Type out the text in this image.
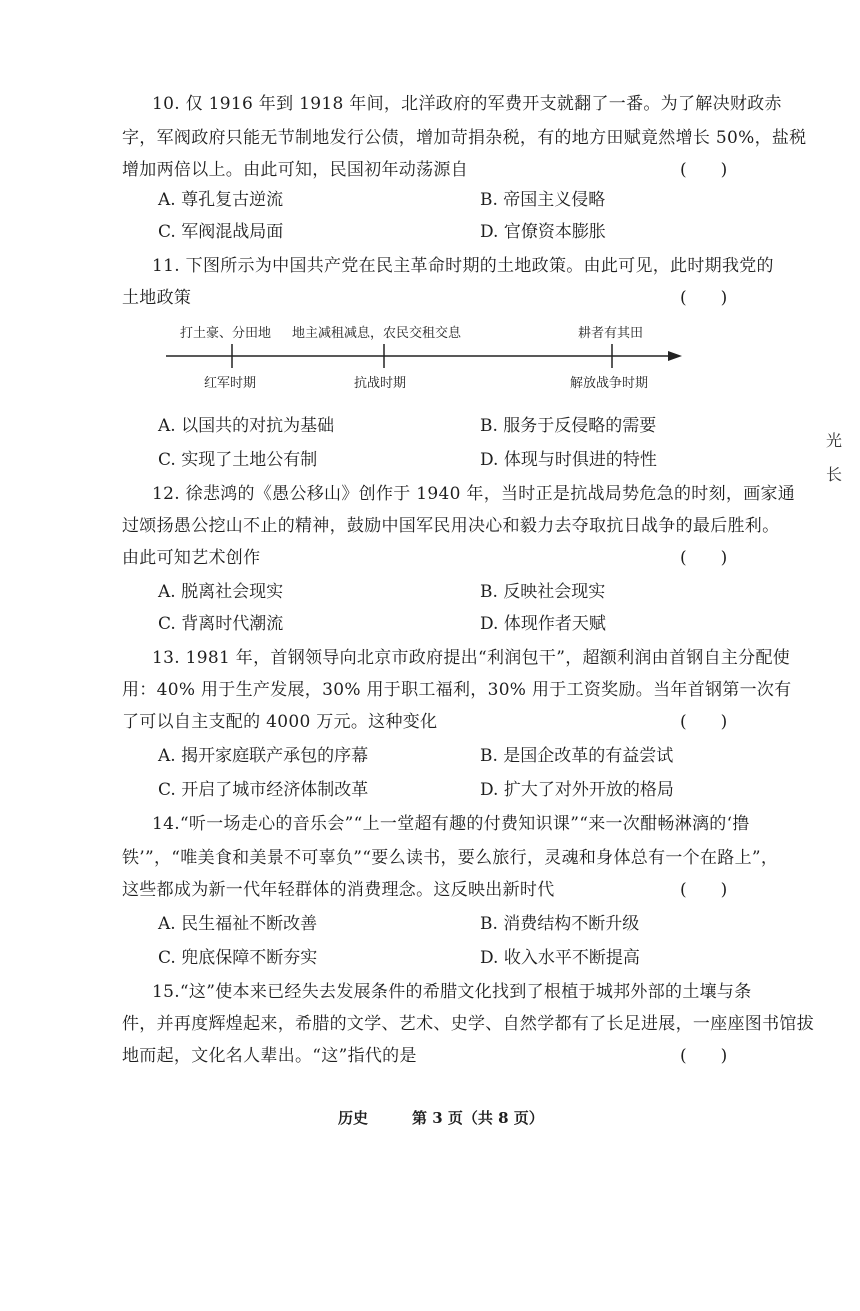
10. 仅 1916 年到 1918 年间，北洋政府的军费开支就翻了一番。为了解决财政赤
字，军阀政府只能无节制地发行公债，增加苛捐杂税，有的地方田赋竟然增长 50%，盐税
增加两倍以上。由此可知，民国初年动荡源自	(　　)
A. 尊孔复古逆流	B. 帝国主义侵略
C. 军阀混战局面	D. 官僚资本膨胀
11. 下图所示为中国共产党在民主革命时期的土地政策。由此可见，此时期我党的
土地政策	(　　)
打土豪、分田地 地主减租减息，农民交租交息	耕者有其田
红军时期	抗战时期	解放战争时期
A. 以国共的对抗为基础	B. 服务于反侵略的需要
C. 实现了土地公有制	D. 体现与时俱进的特性
12. 徐悲鸿的《愚公移山》创作于 1940 年，当时正是抗战局势危急的时刻，画家通
过颂扬愚公挖山不止的精神，鼓励中国军民用决心和毅力去夺取抗日战争的最后胜利。
由此可知艺术创作	(　　)
A. 脱离社会现实	B. 反映社会现实
C. 背离时代潮流	D. 体现作者天赋
13. 1981 年，首钢领导向北京市政府提出“利润包干”，超额利润由首钢自主分配使
用：40% 用于生产发展，30% 用于职工福利，30% 用于工资奖励。当年首钢第一次有
了可以自主支配的 4000 万元。这种变化	(　　)
A. 揭开家庭联产承包的序幕	B. 是国企改革的有益尝试
C. 开启了城市经济体制改革	D. 扩大了对外开放的格局
14.“听一场走心的音乐会”“上一堂超有趣的付费知识课”“来一次酣畅淋漓的‘撸
铁’”，“唯美食和美景不可辜负”“要么读书，要么旅行，灵魂和身体总有一个在路上”，
这些都成为新一代年轻群体的消费理念。这反映出新时代	(　　)
A. 民生福祉不断改善	B. 消费结构不断升级
C. 兜底保障不断夯实	D. 收入水平不断提高
15.“这”使本来已经失去发展条件的希腊文化找到了根植于城邦外部的土壤与条
件，并再度辉煌起来，希腊的文学、艺术、史学、自然学都有了长足进展，一座座图书馆拔
地而起，文化名人辈出。“这”指代的是	(　　)
历史	第 3 页（共 8 页）
光
长
